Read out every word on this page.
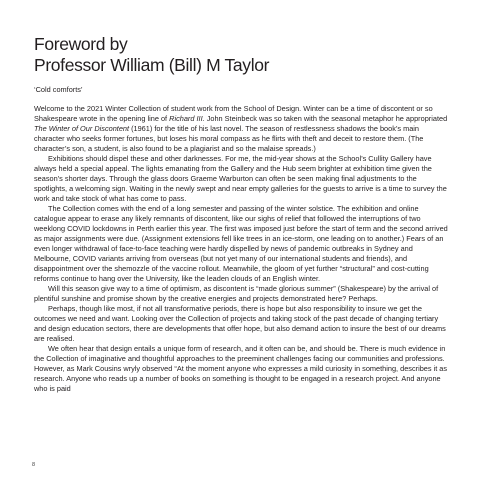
Foreword by
Professor William (Bill) M Taylor
‘Cold comforts’

Welcome to the 2021 Winter Collection of student work from the School of Design. Winter can be a time of discontent or so Shakespeare wrote in the opening line of Richard III. John Steinbeck was so taken with the seasonal metaphor he appropriated The Winter of Our Discontent (1961) for the title of his last novel. The season of restlessness shadows the book’s main character who seeks former fortunes, but loses his moral compass as he flirts with theft and deceit to restore them. (The character’s son, a student, is also found to be a plagiarist and so the malaise spreads.)

Exhibitions should dispel these and other darknesses. For me, the mid-year shows at the School’s Cullity Gallery have always held a special appeal. The lights emanating from the Gallery and the Hub seem brighter at exhibition time given the season’s shorter days. Through the glass doors Graeme Warburton can often be seen making final adjustments to the spotlights, a welcoming sign. Waiting in the newly swept and near empty galleries for the guests to arrive is a time to survey the work and take stock of what has come to pass.

The Collection comes with the end of a long semester and passing of the winter solstice. The exhibition and online catalogue appear to erase any likely remnants of discontent, like our sighs of relief that followed the interruptions of two weeklong COVID lockdowns in Perth earlier this year. The first was imposed just before the start of term and the second arrived as major assignments were due. (Assignment extensions fell like trees in an ice-storm, one leading on to another.) Fears of an even longer withdrawal of face-to-face teaching were hardly dispelled by news of pandemic outbreaks in Sydney and Melbourne, COVID variants arriving from overseas (but not yet many of our international students and friends), and disappointment over the shemozzle of the vaccine rollout. Meanwhile, the gloom of yet further “structural” and cost-cutting reforms continue to hang over the University, like the leaden clouds of an English winter.

Will this season give way to a time of optimism, as discontent is “made glorious summer” (Shakespeare) by the arrival of plentiful sunshine and promise shown by the creative energies and projects demonstrated here? Perhaps.

Perhaps, though like most, if not all transformative periods, there is hope but also responsibility to insure we get the outcomes we need and want. Looking over the Collection of projects and taking stock of the past decade of changing tertiary and design education sectors, there are developments that offer hope, but also demand action to insure the best of our dreams are realised.

We often hear that design entails a unique form of research, and it often can be, and should be. There is much evidence in the Collection of imaginative and thoughtful approaches to the preeminent challenges facing our communities and professions. However, as Mark Cousins wryly observed “At the moment anyone who expresses a mild curiosity in something, describes it as research. Anyone who reads up a number of books on something is thought to be engaged in a research project. And anyone who is paid

8
